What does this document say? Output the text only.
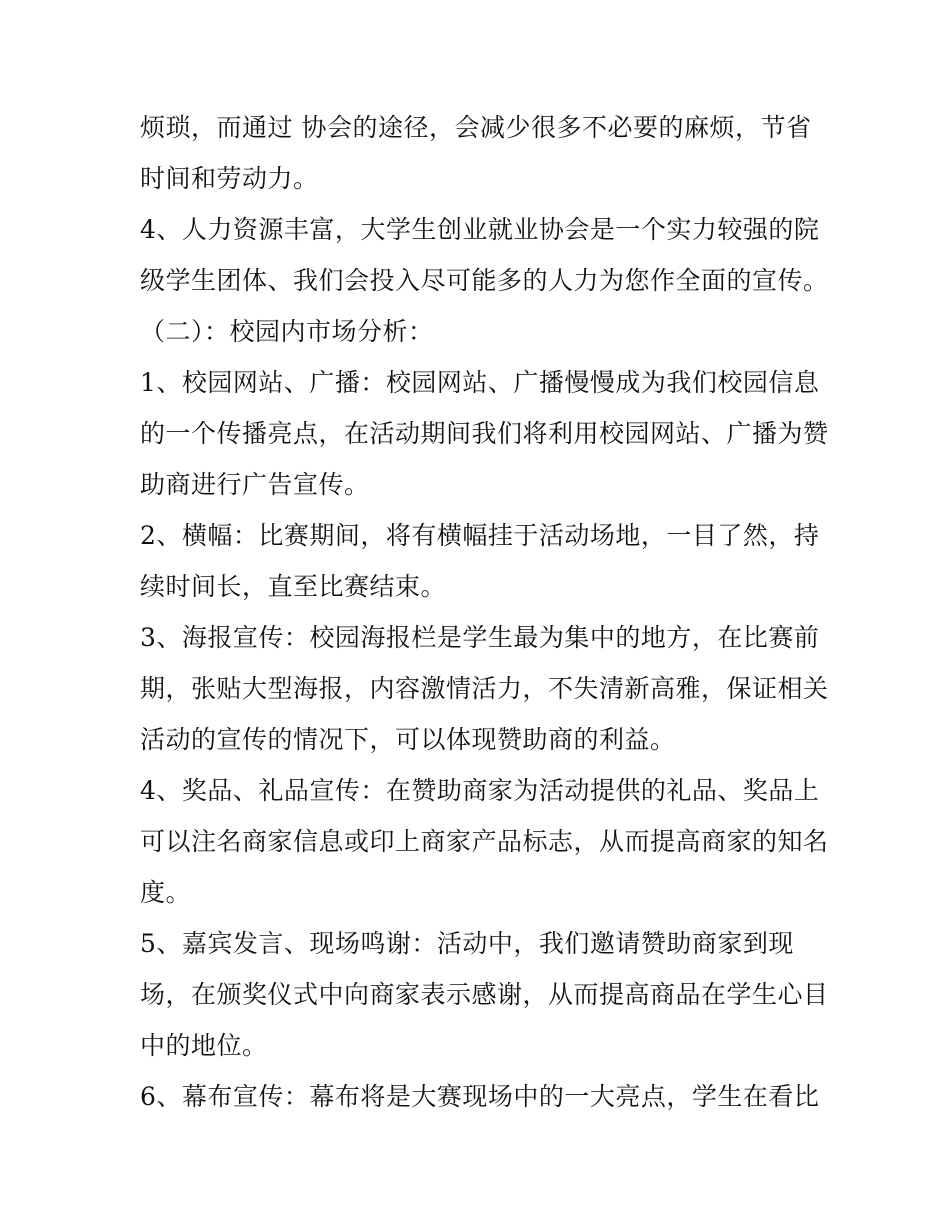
烦琐，而通过 协会的途径，会减少很多不必要的麻烦，节省
时间和劳动力。
4、人力资源丰富，大学生创业就业协会是一个实力较强的院
级学生团体、我们会投入尽可能多的人力为您作全面的宣传。
（二）：校园内市场分析：
1、校园网站、广播：校园网站、广播慢慢成为我们校园信息
的一个传播亮点，在活动期间我们将利用校园网站、广播为赞
助商进行广告宣传。
2、横幅：比赛期间，将有横幅挂于活动场地，一目了然，持
续时间长，直至比赛结束。
3、海报宣传：校园海报栏是学生最为集中的地方，在比赛前
期，张贴大型海报，内容激情活力，不失清新高雅，保证相关
活动的宣传的情况下，可以体现赞助商的利益。
4、奖品、礼品宣传：在赞助商家为活动提供的礼品、奖品上
可以注名商家信息或印上商家产品标志，从而提高商家的知名
度。
5、嘉宾发言、现场鸣谢：活动中，我们邀请赞助商家到现
场，在颁奖仪式中向商家表示感谢，从而提高商品在学生心目
中的地位。
6、幕布宣传：幕布将是大赛现场中的一大亮点，学生在看比
